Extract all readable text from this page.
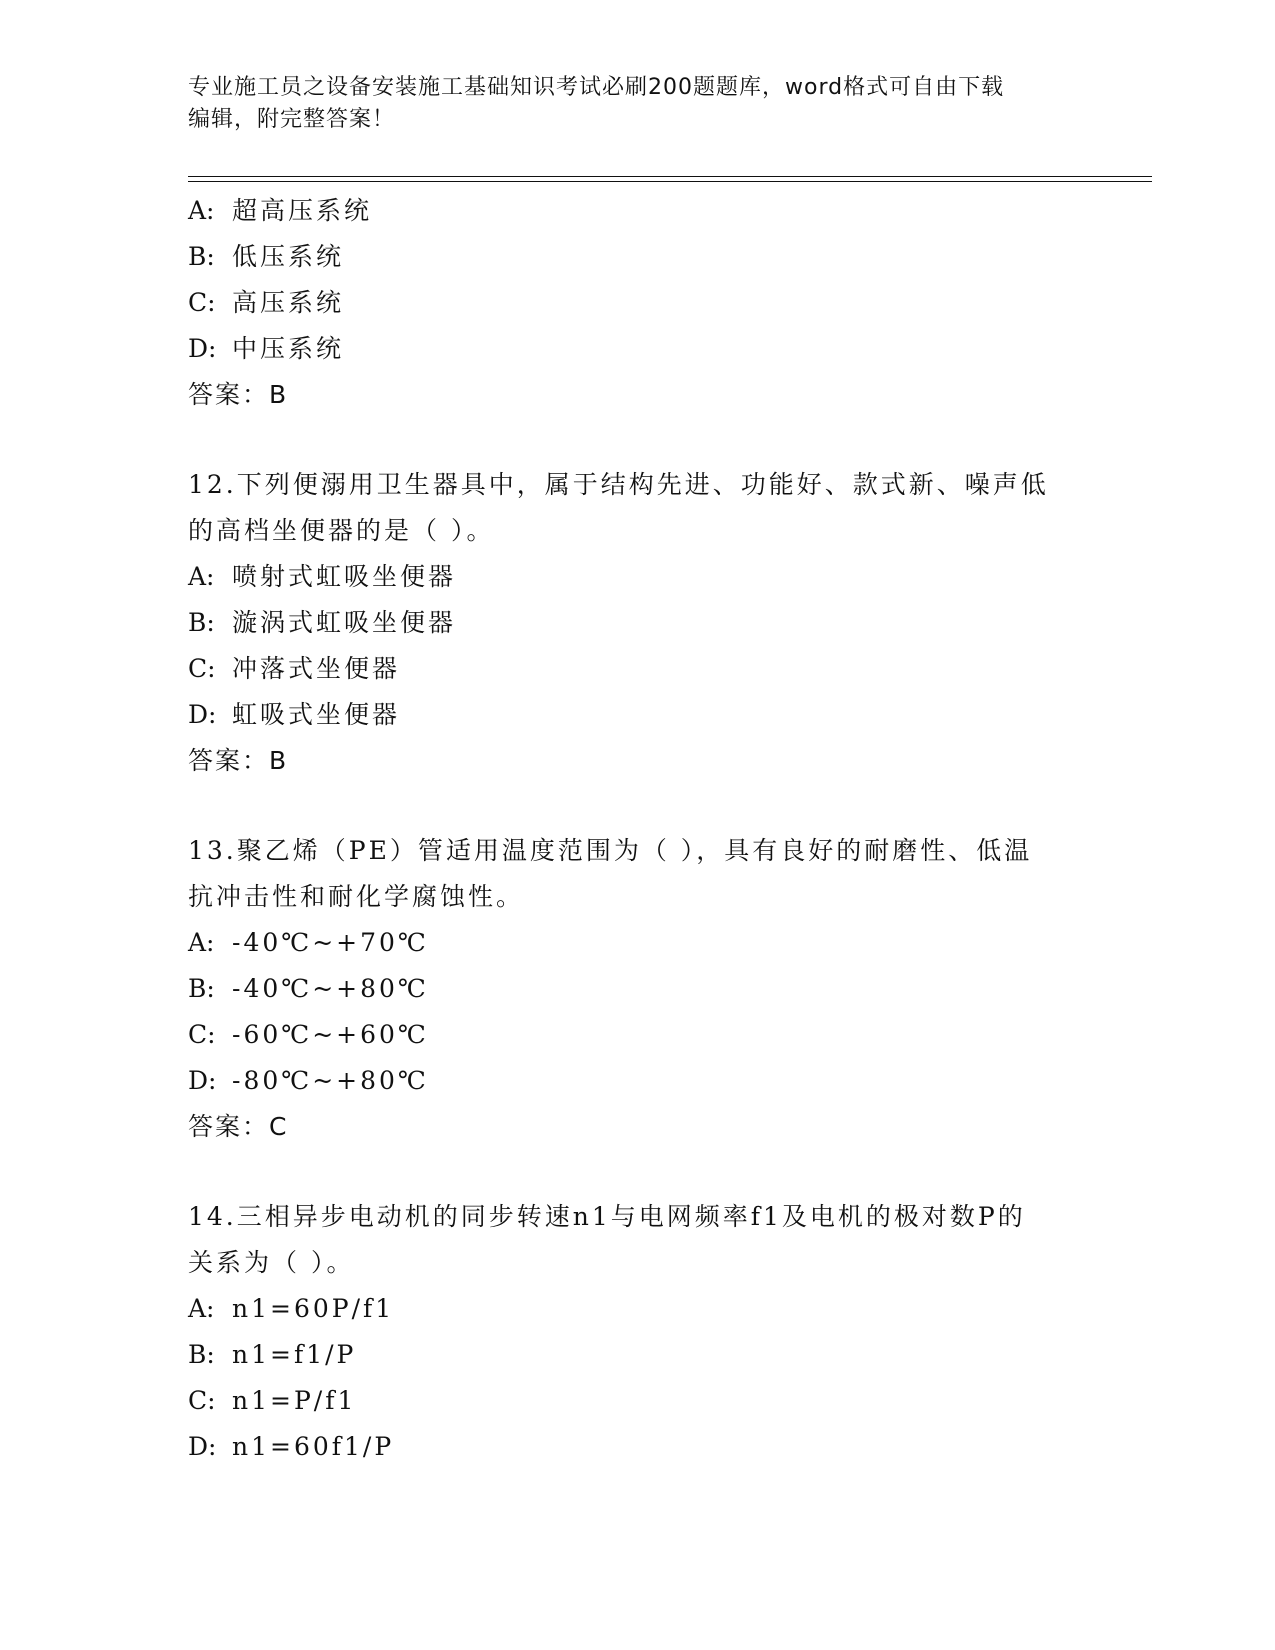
专业施工员之设备安装施工基础知识考试必刷200题题库，word格式可自由下载
编辑，附完整答案！
A: 超高压系统
B: 低压系统
C: 高压系统
D: 中压系统
答案：B
12.下列便溺用卫生器具中，属于结构先进、功能好、款式新、噪声低
的高档坐便器的是（ ）。
A: 喷射式虹吸坐便器
B: 漩涡式虹吸坐便器
C: 冲落式坐便器
D: 虹吸式坐便器
答案：B
13.聚乙烯（PE）管适用温度范围为（ ），具有良好的耐磨性、低温
抗冲击性和耐化学腐蚀性。
A: -40℃~+70℃
B: -40℃~+80℃
C: -60℃~+60℃
D: -80℃~+80℃
答案：C
14.三相异步电动机的同步转速n1与电网频率f1及电机的极对数P的
关系为（ ）。
A: n1=60P/f1
B: n1=f1/P
C: n1=P/f1
D: n1=60f1/P
